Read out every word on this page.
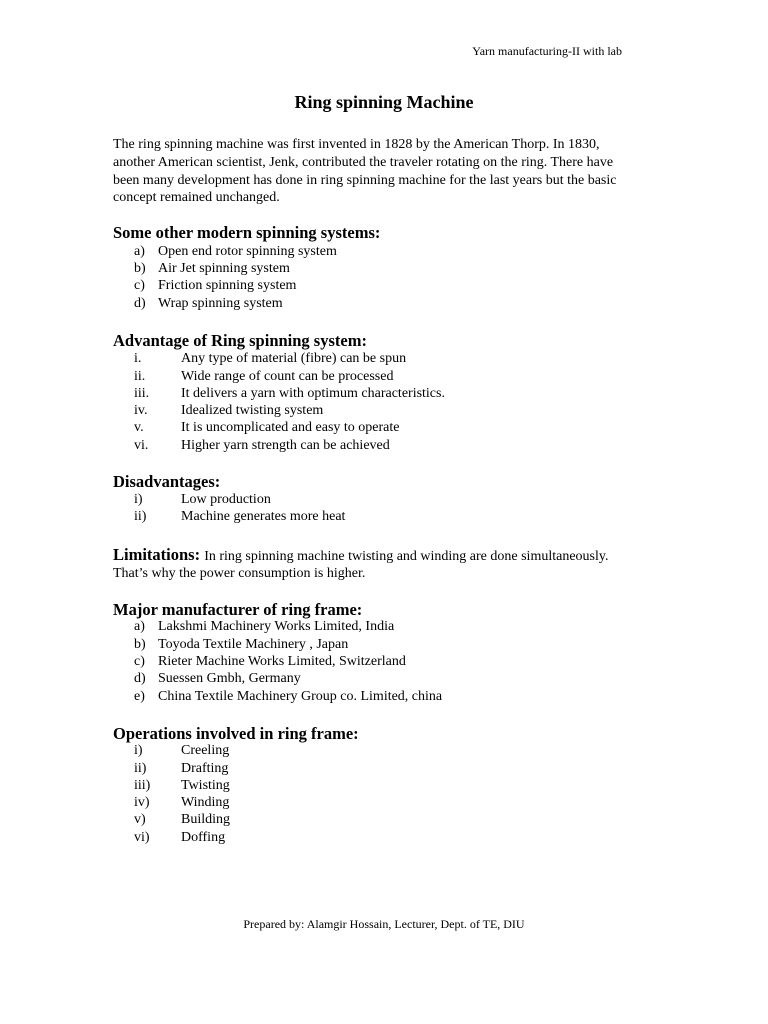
Yarn manufacturing-II with lab
Ring spinning Machine
The ring spinning machine was first invented in 1828 by the American Thorp. In 1830,
another American scientist, Jenk, contributed the traveler rotating on the ring. There have
been many development has done in ring spinning machine for the last years but the basic
concept remained unchanged.
Some other modern spinning systems:
a) Open end rotor spinning system
b) Air Jet spinning system
c) Friction spinning system
d) Wrap spinning system
Advantage of Ring spinning system:
i.	Any type of material (fibre) can be spun
ii.	Wide range of count can be processed
iii. It delivers a yarn with optimum characteristics.
iv. Idealized twisting system
v.	It is uncomplicated and easy to operate
vi. Higher yarn strength can be achieved
Disadvantages:
i)	Low production
ii) Machine generates more heat
Limitations: In ring spinning machine twisting and winding are done simultaneously.
That’s why the power consumption is higher.
Major manufacturer of ring frame:
a) Lakshmi Machinery Works Limited, India
b) Toyoda Textile Machinery , Japan
c) Rieter Machine Works Limited, Switzerland
d) Suessen Gmbh, Germany
e) China Textile Machinery Group co. Limited, china
Operations involved in ring frame:
i)	Creeling
ii) Drafting
iii) Twisting
iv) Winding
v)	Building
vi) Doffing
Prepared by: Alamgir Hossain, Lecturer, Dept. of TE, DIU
